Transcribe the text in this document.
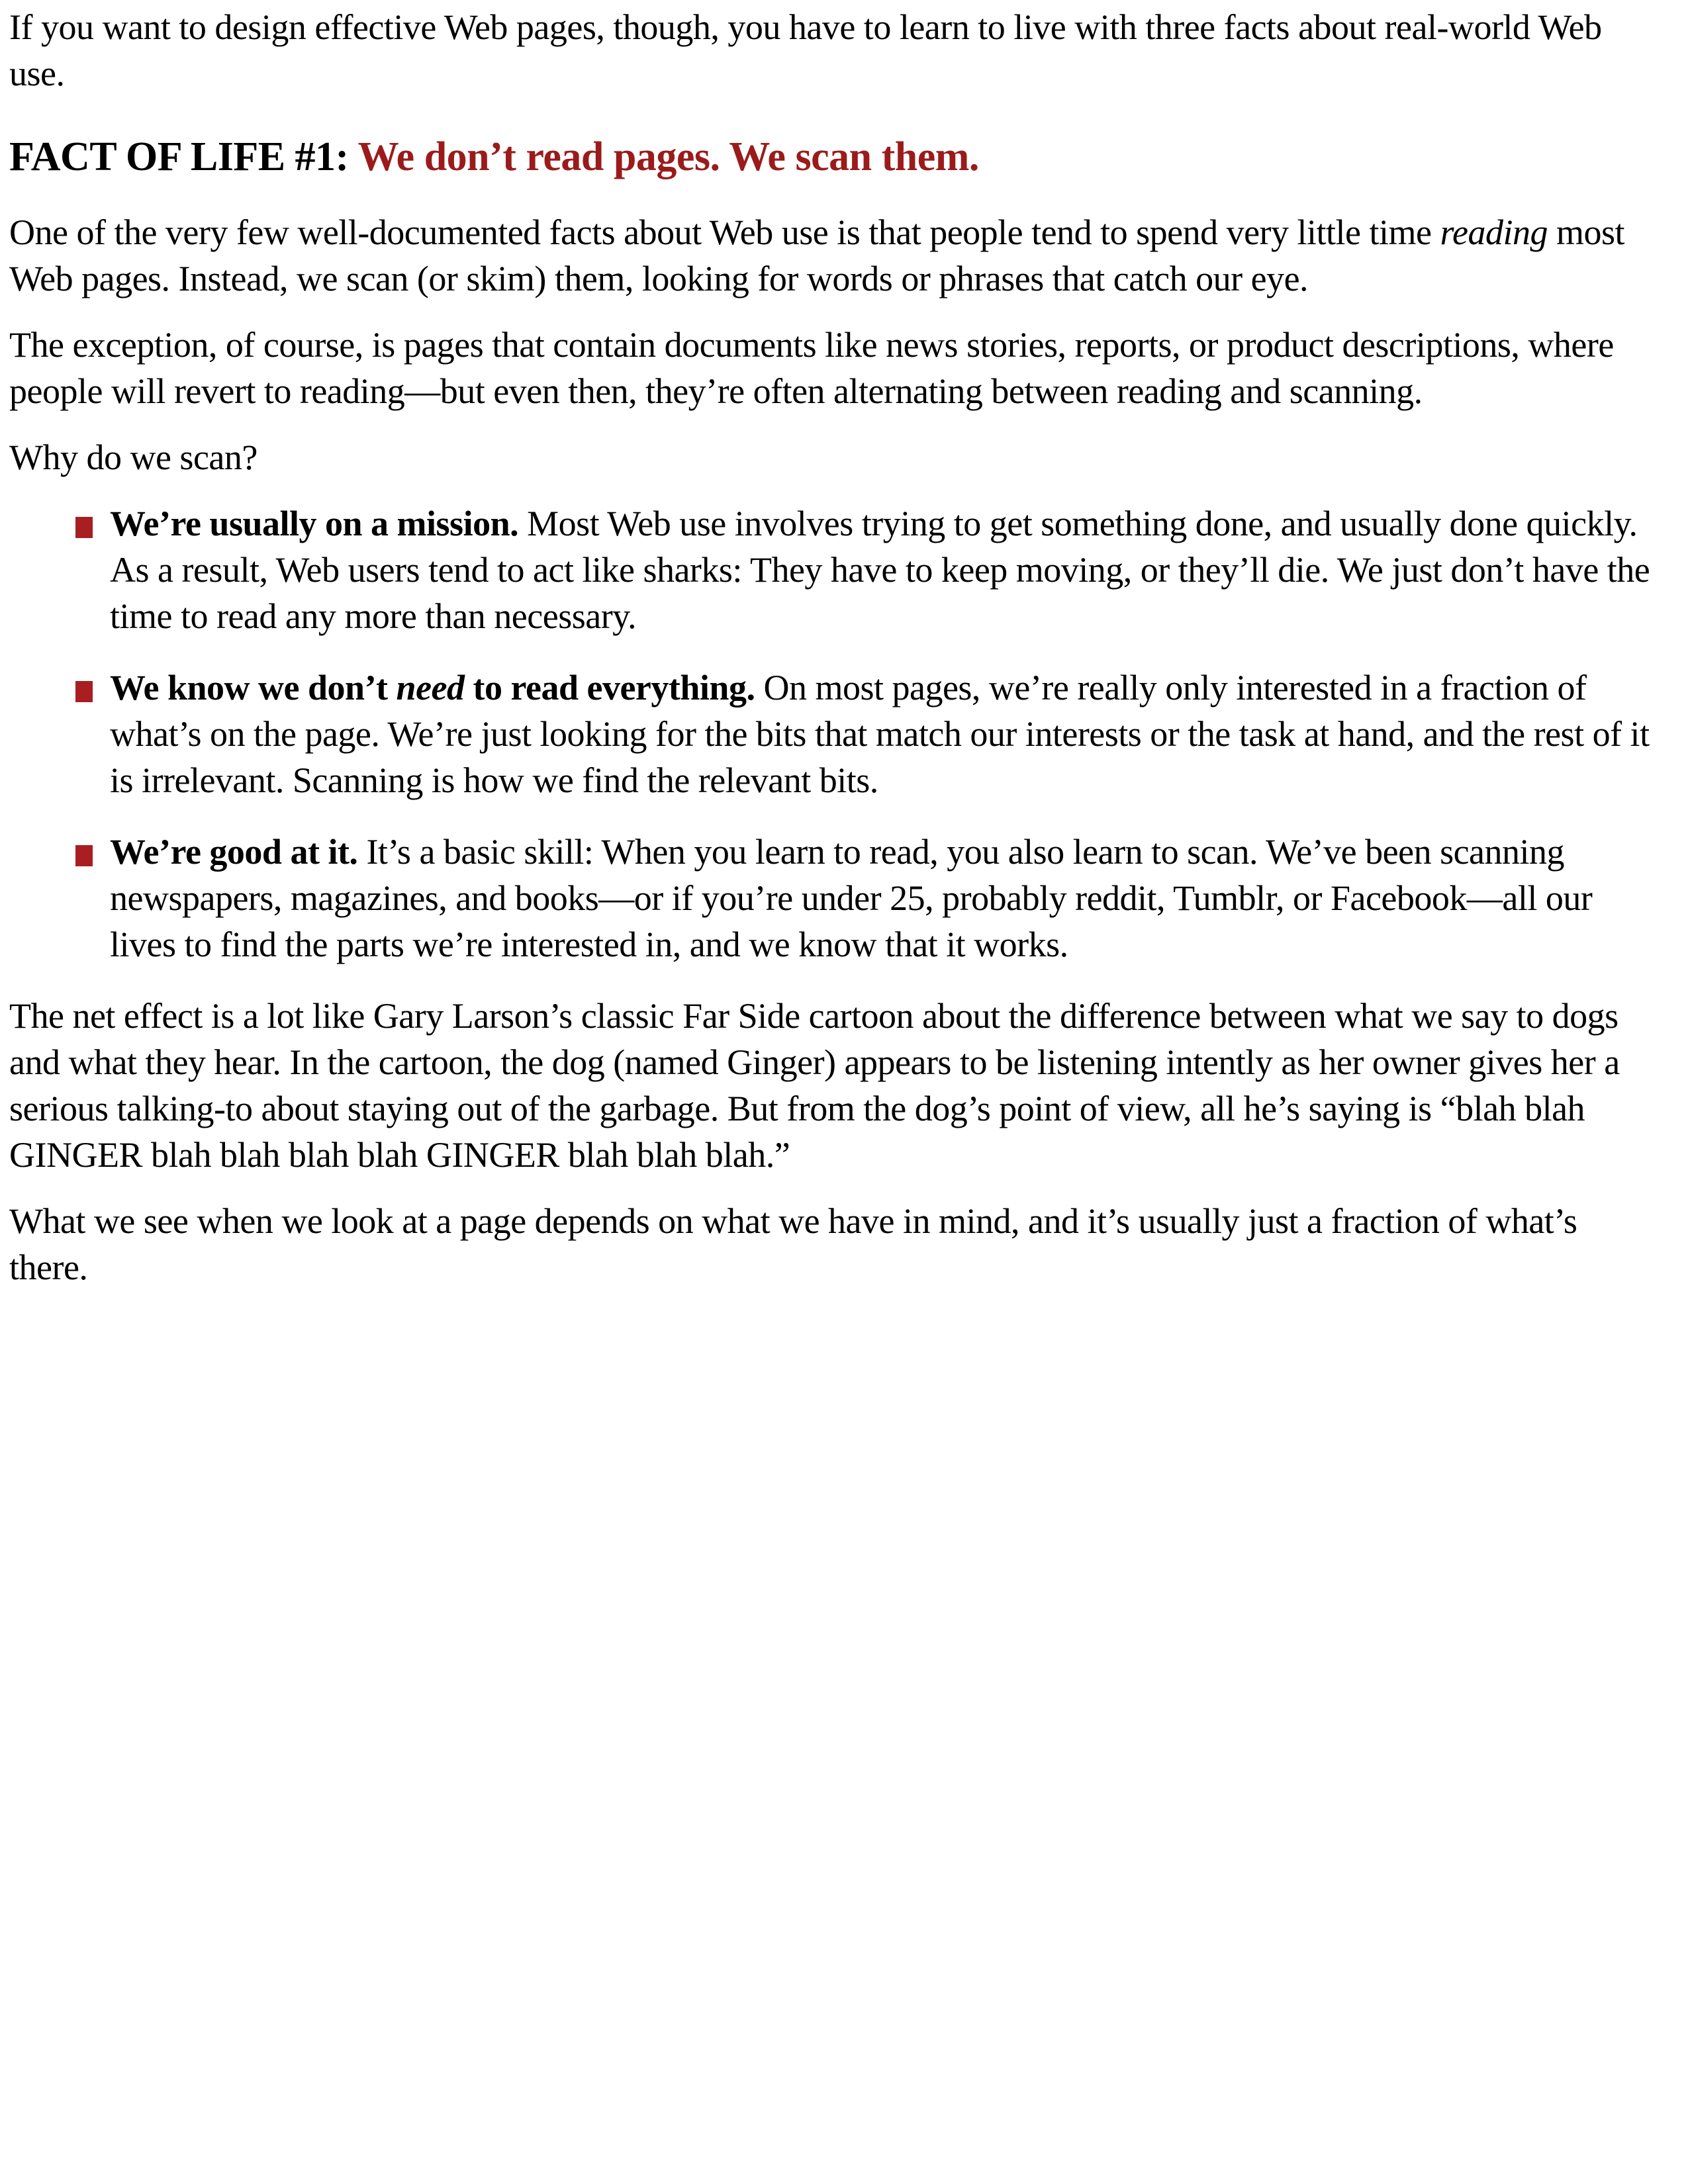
If you want to design effective Web pages, though, you have to learn to live with three facts about real-world Web use.

FACT OF LIFE #1: We don’t read pages. We scan them.

One of the very few well-documented facts about Web use is that people tend to spend very little time reading most Web pages. Instead, we scan (or skim) them, looking for words or phrases that catch our eye.

The exception, of course, is pages that contain documents like news stories, reports, or product descriptions, where people will revert to reading—but even then, they’re often alternating between reading and scanning.

Why do we scan?

We’re usually on a mission. Most Web use involves trying to get something done, and usually done quickly. As a result, Web users tend to act like sharks: They have to keep moving, or they’ll die. We just don’t have the time to read any more than necessary.
We know we don’t need to read everything. On most pages, we’re really only interested in a fraction of what’s on the page. We’re just looking for the bits that match our interests or the task at hand, and the rest of it is irrelevant. Scanning is how we find the relevant bits.
We’re good at it. It’s a basic skill: When you learn to read, you also learn to scan. We’ve been scanning newspapers, magazines, and books—or if you’re under 25, probably reddit, Tumblr, or Facebook—all our lives to find the parts we’re interested in, and we know that it works.

The net effect is a lot like Gary Larson’s classic Far Side cartoon about the difference between what we say to dogs and what they hear. In the cartoon, the dog (named Ginger) appears to be listening intently as her owner gives her a serious talking-to about staying out of the garbage. But from the dog’s point of view, all he’s saying is “blah blah GINGER blah blah blah blah GINGER blah blah blah.”

What we see when we look at a page depends on what we have in mind, and it’s usually just a fraction of what’s there.
